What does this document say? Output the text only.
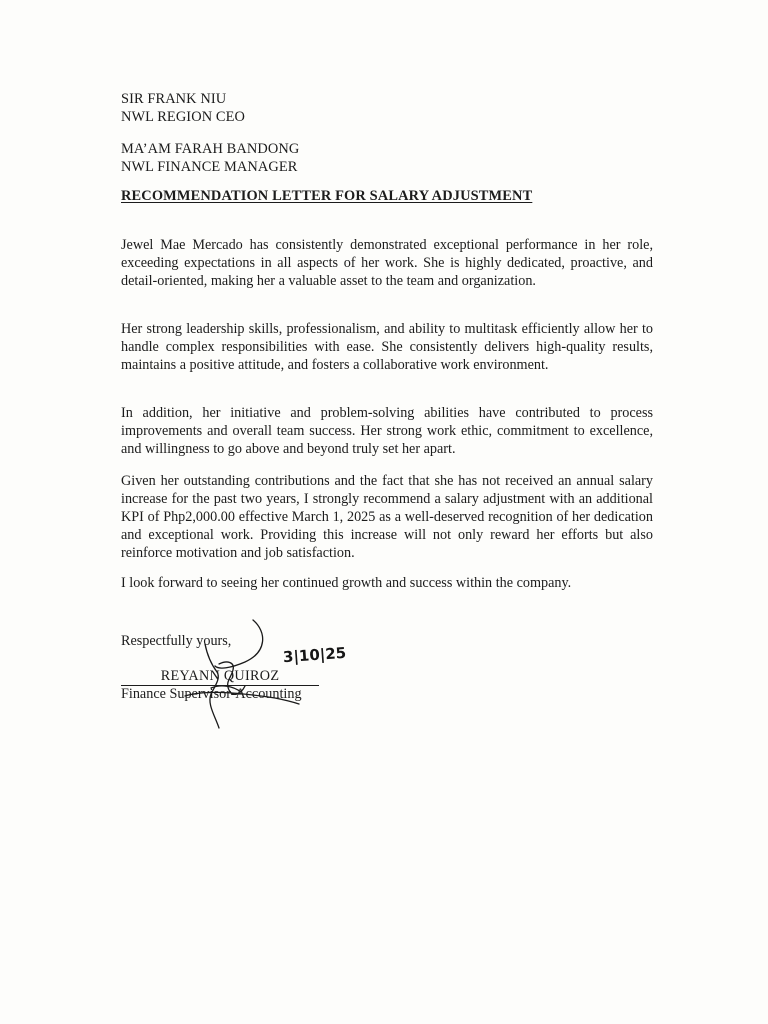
SIR FRANK NIU
NWL REGION CEO
MA’AM FARAH BANDONG
NWL FINANCE MANAGER
RECOMMENDATION LETTER FOR SALARY ADJUSTMENT

Jewel Mae Mercado has consistently demonstrated exceptional performance in her role, exceeding expectations in all aspects of her work. She is highly dedicated, proactive, and detail-oriented, making her a valuable asset to the team and organization.

Her strong leadership skills, professionalism, and ability to multitask efficiently allow her to handle complex responsibilities with ease. She consistently delivers high-quality results, maintains a positive attitude, and fosters a collaborative work environment.

In addition, her initiative and problem-solving abilities have contributed to process improvements and overall team success. Her strong work ethic, commitment to excellence, and willingness to go above and beyond truly set her apart.

Given her outstanding contributions and the fact that she has not received an annual salary increase for the past two years, I strongly recommend a salary adjustment with an additional KPI of Php2,000.00 effective March 1, 2025 as a well-deserved recognition of her dedication and exceptional work. Providing this increase will not only reward her efforts but also reinforce motivation and job satisfaction.

I look forward to seeing her continued growth and success within the company.

Respectfully yours,
3|10|25
REYANN QUIROZ
Finance Supervisor-Accounting
